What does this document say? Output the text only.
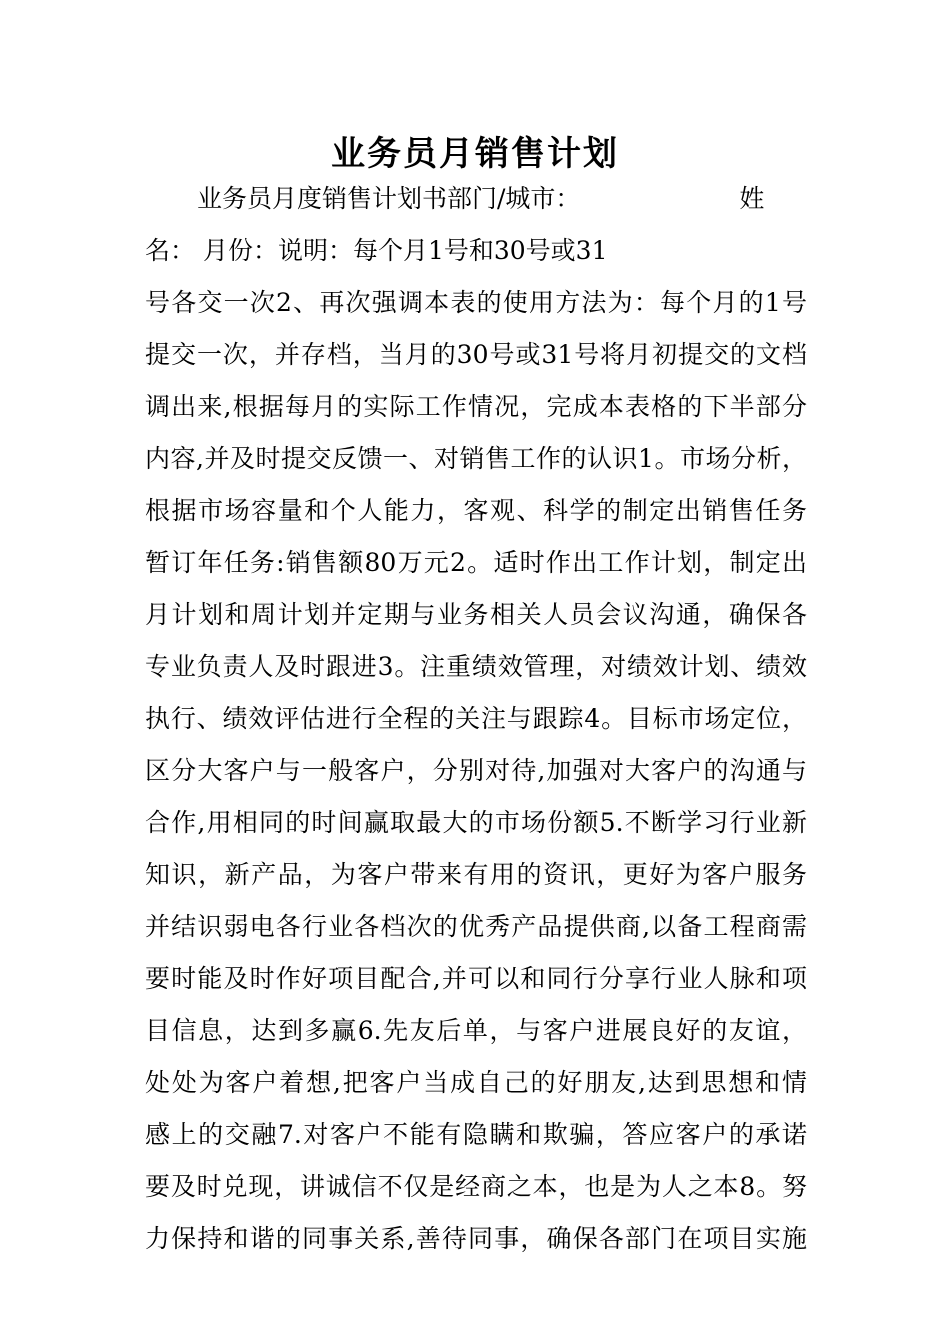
业务员月销售计划
业务员月度销售计划书部门/城市：                    姓
名： 月份：说明：每个月1号和30号或31
号各交一次2、再次强调本表的使用方法为：每个月的1号
提交一次，并存档，当月的30号或31号将月初提交的文档
调出来,根据每月的实际工作情况，完成本表格的下半部分
内容,并及时提交反馈一、对销售工作的认识1。市场分析，
根据市场容量和个人能力，客观、科学的制定出销售任务
暂订年任务:销售额80万元2。适时作出工作计划，制定出
月计划和周计划并定期与业务相关人员会议沟通，确保各
专业负责人及时跟进3。注重绩效管理，对绩效计划、绩效
执行、绩效评估进行全程的关注与跟踪4。目标市场定位，
区分大客户与一般客户，分别对待,加强对大客户的沟通与
合作,用相同的时间赢取最大的市场份额5.不断学习行业新
知识，新产品，为客户带来有用的资讯，更好为客户服务
并结识弱电各行业各档次的优秀产品提供商,以备工程商需
要时能及时作好项目配合,并可以和同行分享行业人脉和项
目信息，达到多赢6.先友后单，与客户进展良好的友谊，
处处为客户着想,把客户当成自己的好朋友,达到思想和情
感上的交融7.对客户不能有隐瞒和欺骗，答应客户的承诺
要及时兑现，讲诚信不仅是经商之本，也是为人之本8。努
力保持和谐的同事关系,善待同事，确保各部门在项目实施
